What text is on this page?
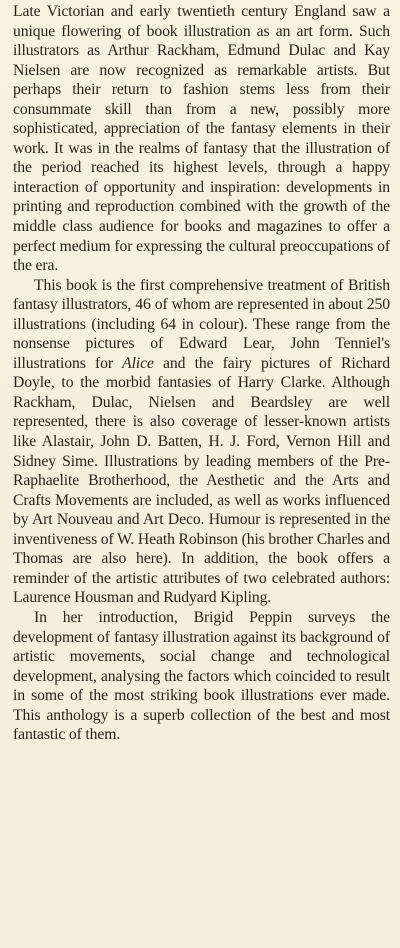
Late Victorian and early twentieth century England saw a unique flowering of book illustration as an art form. Such illustrators as Arthur Rackham, Edmund Dulac and Kay Nielsen are now recognized as remarkable artists. But perhaps their return to fashion stems less from their consummate skill than from a new, possibly more sophisticated, appreciation of the fantasy elements in their work. It was in the realms of fantasy that the illustration of the period reached its highest levels, through a happy interaction of opportunity and inspiration: developments in printing and reproduction combined with the growth of the middle class audience for books and magazines to offer a perfect medium for expressing the cultural preoccupations of the era.

This book is the first comprehensive treatment of British fantasy illustrators, 46 of whom are represented in about 250 illustrations (including 64 in colour). These range from the nonsense pictures of Edward Lear, John Tenniel's illustrations for Alice and the fairy pictures of Richard Doyle, to the morbid fantasies of Harry Clarke. Although Rackham, Dulac, Nielsen and Beardsley are well represented, there is also coverage of lesser-known artists like Alastair, John D. Batten, H. J. Ford, Vernon Hill and Sidney Sime. Illustrations by leading members of the Pre-Raphaelite Brotherhood, the Aesthetic and the Arts and Crafts Movements are included, as well as works influenced by Art Nouveau and Art Deco. Humour is represented in the inventiveness of W. Heath Robinson (his brother Charles and Thomas are also here). In addition, the book offers a reminder of the artistic attributes of two celebrated authors: Laurence Housman and Rudyard Kipling.

In her introduction, Brigid Peppin surveys the development of fantasy illustration against its background of artistic movements, social change and technological development, analysing the factors which coincided to result in some of the most striking book illustrations ever made. This anthology is a superb collection of the best and most fantastic of them.
